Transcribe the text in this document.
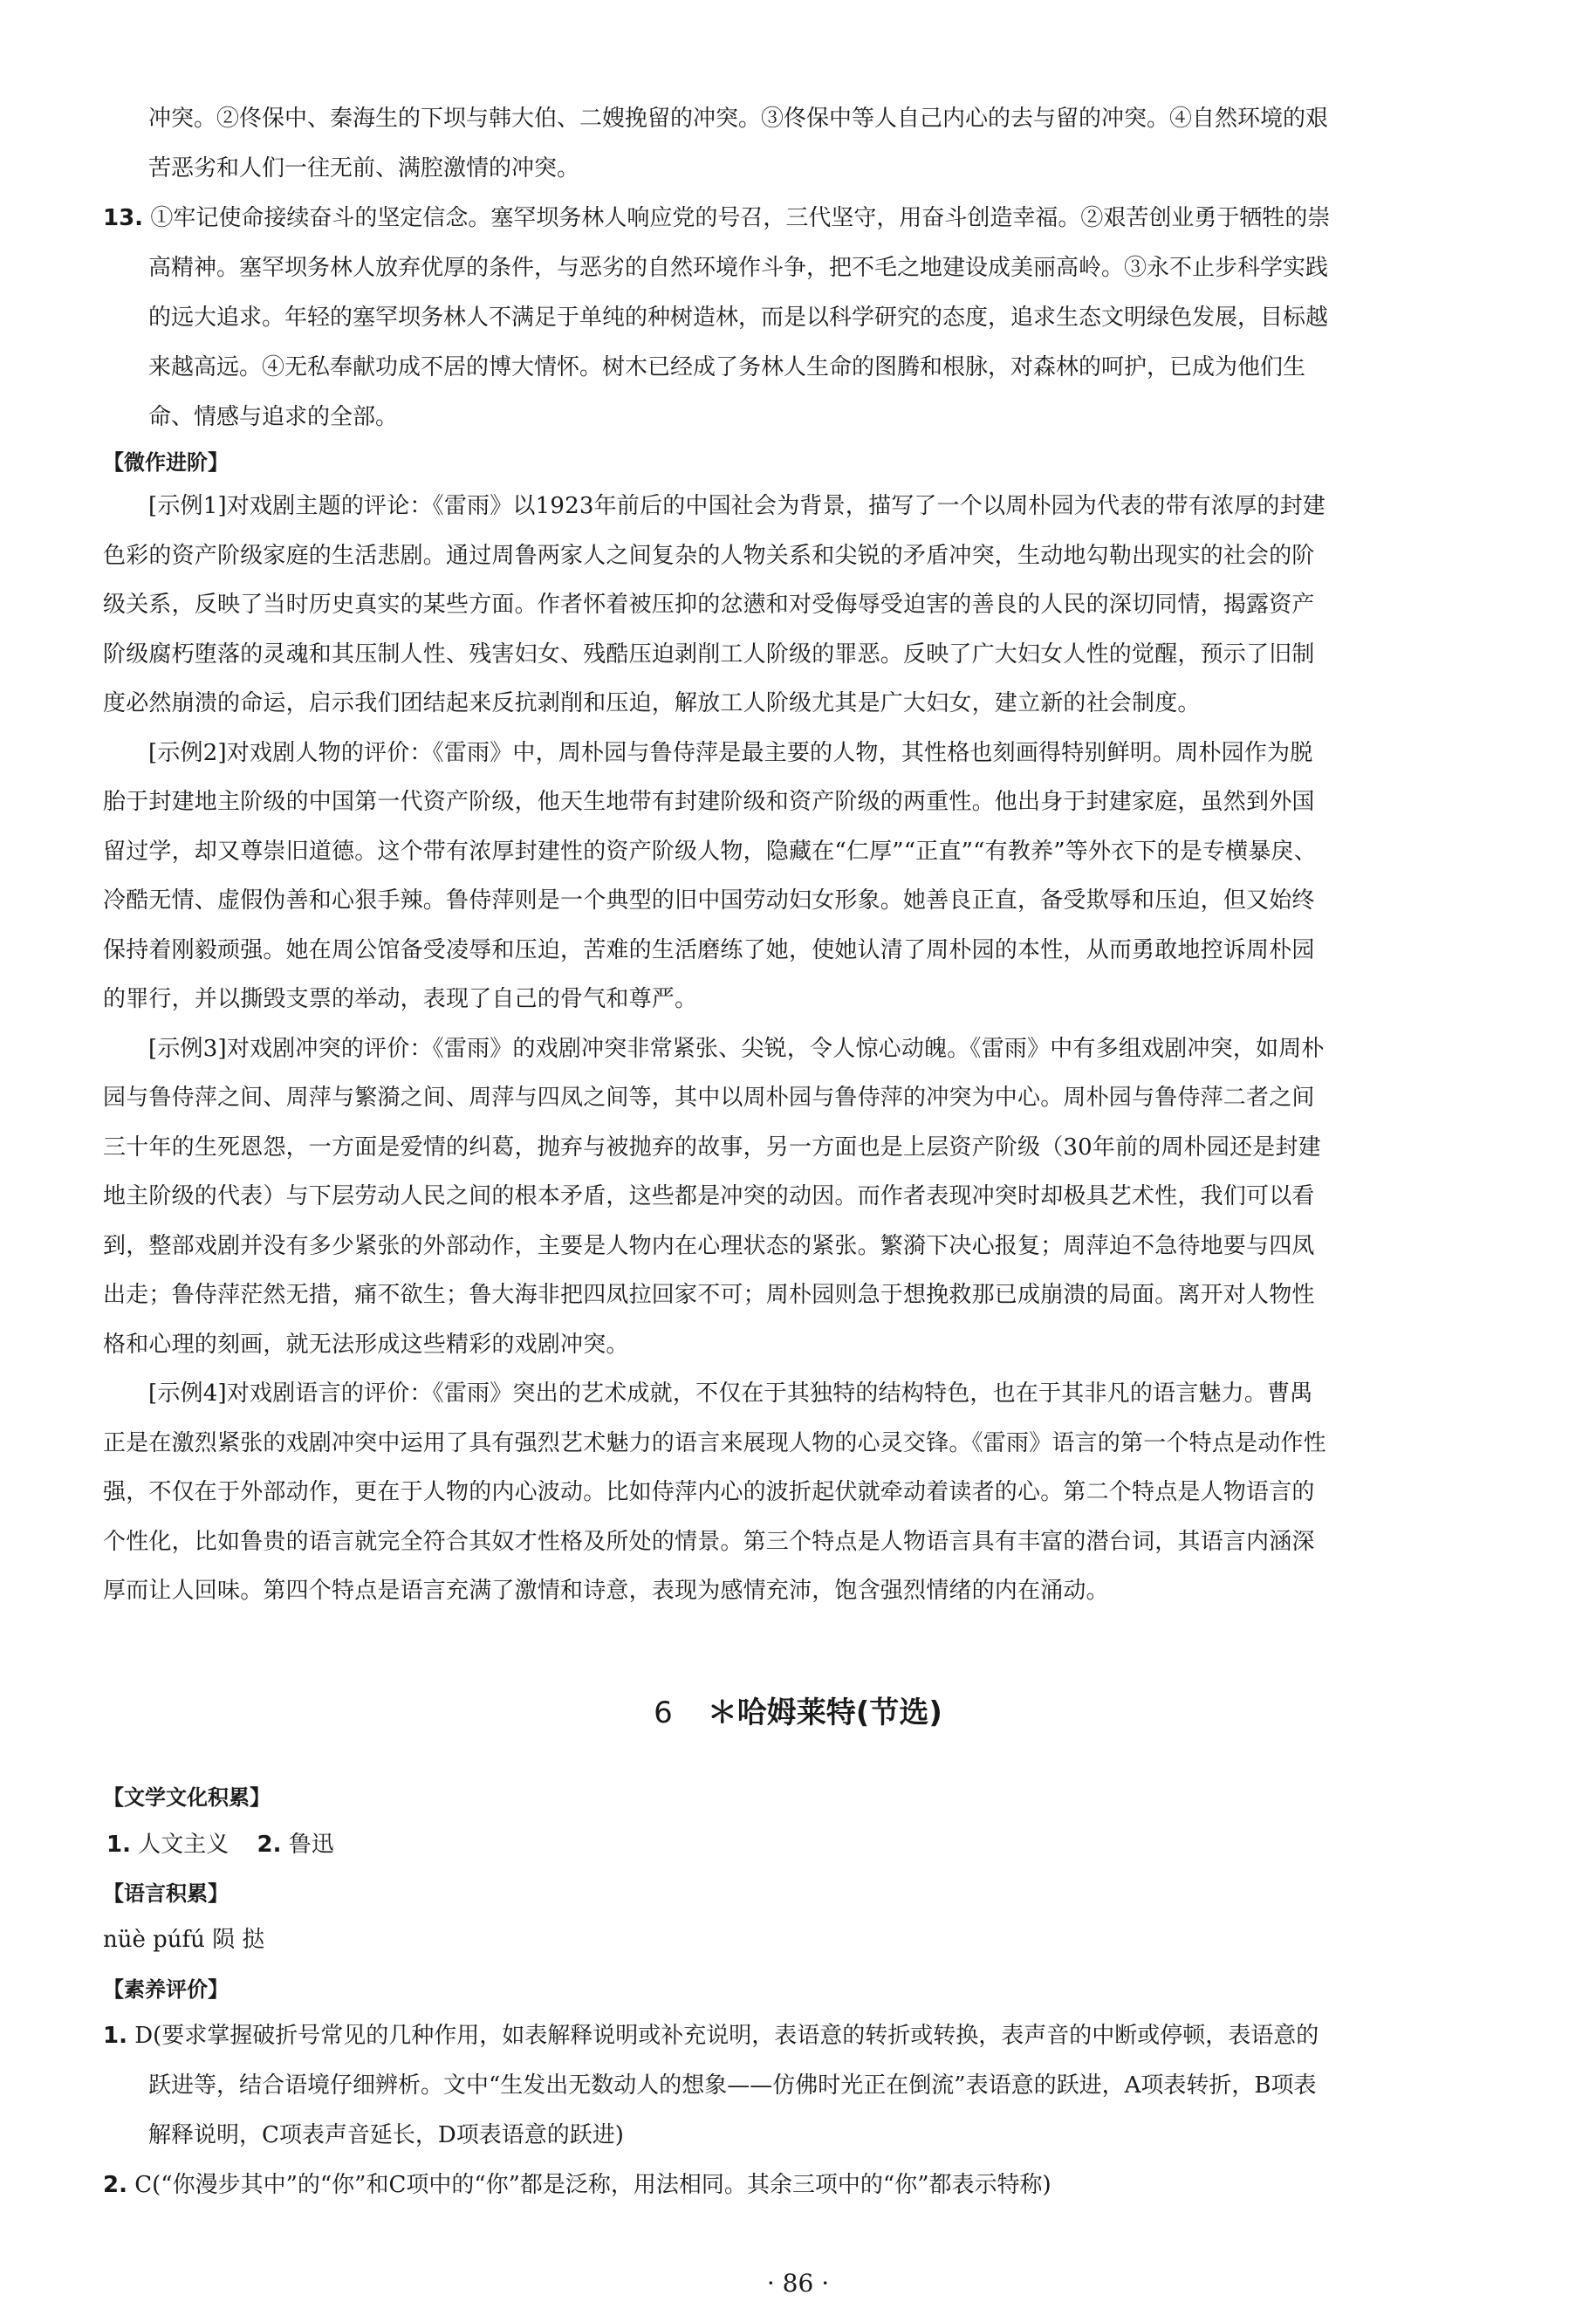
冲突。②佟保中、秦海生的下坝与韩大伯、二嫂挽留的冲突。③佟保中等人自己内心的去与留的冲突。④自然环境的艰苦恶劣和人们一往无前、满腔激情的冲突。

13. ①牢记使命接续奋斗的坚定信念。塞罕坝务林人响应党的号召，三代坚守，用奋斗创造幸福。②艰苦创业勇于牺牲的崇高精神。塞罕坝务林人放弃优厚的条件，与恶劣的自然环境作斗争，把不毛之地建设成美丽高岭。③永不止步科学实践的远大追求。年轻的塞罕坝务林人不满足于单纯的种树造林，而是以科学研究的态度，追求生态文明绿色发展，目标越来越高远。④无私奉献功成不居的博大情怀。树木已经成了务林人生命的图腾和根脉，对森林的呵护，已成为他们生命、情感与追求的全部。

【微作进阶】

[示例1]对戏剧主题的评论：《雷雨》以1923年前后的中国社会为背景，描写了一个以周朴园为代表的带有浓厚的封建色彩的资产阶级家庭的生活悲剧。通过周鲁两家人之间复杂的人物关系和尖锐的矛盾冲突，生动地勾勒出现实的社会的阶级关系，反映了当时历史真实的某些方面。作者怀着被压抑的忿懑和对受侮辱受迫害的善良的人民的深切同情，揭露资产阶级腐朽堕落的灵魂和其压制人性、残害妇女、残酷压迫剥削工人阶级的罪恶。反映了广大妇女人性的觉醒，预示了旧制度必然崩溃的命运，启示我们团结起来反抗剥削和压迫，解放工人阶级尤其是广大妇女，建立新的社会制度。

[示例2]对戏剧人物的评价：《雷雨》中，周朴园与鲁侍萍是最主要的人物，其性格也刻画得特别鲜明。周朴园作为脱胎于封建地主阶级的中国第一代资产阶级，他天生地带有封建阶级和资产阶级的两重性。他出身于封建家庭，虽然到外国留过学，却又尊崇旧道德。这个带有浓厚封建性的资产阶级人物，隐藏在“仁厚”“正直”“有教养”等外衣下的是专横暴戾、冷酷无情、虚假伪善和心狠手辣。鲁侍萍则是一个典型的旧中国劳动妇女形象。她善良正直，备受欺辱和压迫，但又始终保持着刚毅顽强。她在周公馆备受凌辱和压迫，苦难的生活磨练了她，使她认清了周朴园的本性，从而勇敢地控诉周朴园的罪行，并以撕毁支票的举动，表现了自己的骨气和尊严。

[示例3]对戏剧冲突的评价：《雷雨》的戏剧冲突非常紧张、尖锐，令人惊心动魄。《雷雨》中有多组戏剧冲突，如周朴园与鲁侍萍之间、周萍与繁漪之间、周萍与四凤之间等，其中以周朴园与鲁侍萍的冲突为中心。周朴园与鲁侍萍二者之间三十年的生死恩怨，一方面是爱情的纠葛，抛弃与被抛弃的故事，另一方面也是上层资产阶级（30年前的周朴园还是封建地主阶级的代表）与下层劳动人民之间的根本矛盾，这些都是冲突的动因。而作者表现冲突时却极具艺术性，我们可以看到，整部戏剧并没有多少紧张的外部动作，主要是人物内在心理状态的紧张。繁漪下决心报复；周萍迫不急待地要与四凤出走；鲁侍萍茫然无措，痛不欲生；鲁大海非把四凤拉回家不可；周朴园则急于想挽救那已成崩溃的局面。离开对人物性格和心理的刻画，就无法形成这些精彩的戏剧冲突。

[示例4]对戏剧语言的评价：《雷雨》突出的艺术成就，不仅在于其独特的结构特色，也在于其非凡的语言魅力。曹禺正是在激烈紧张的戏剧冲突中运用了具有强烈艺术魅力的语言来展现人物的心灵交锋。《雷雨》语言的第一个特点是动作性强，不仅在于外部动作，更在于人物的内心波动。比如侍萍内心的波折起伏就牵动着读者的心。第二个特点是人物语言的个性化，比如鲁贵的语言就完全符合其奴才性格及所处的情景。第三个特点是人物语言具有丰富的潜台词，其语言内涵深厚而让人回味。第四个特点是语言充满了激情和诗意，表现为感情充沛，饱含强烈情绪的内在涌动。

6 ＊哈姆莱特(节选)
【文学文化积累】
1. 人文主义 2. 鲁迅
【语言积累】
nüè púfú 陨 挞
【素养评价】

1. D(要求掌握破折号常见的几种作用，如表解释说明或补充说明，表语意的转折或转换，表声音的中断或停顿，表语意的跃进等，结合语境仔细辨析。文中“生发出无数动人的想象——仿佛时光正在倒流”表语意的跃进，A项表转折，B项表解释说明，C项表声音延长，D项表语意的跃进)

2. C(“你漫步其中”的“你”和C项中的“你”都是泛称，用法相同。其余三项中的“你”都表示特称)

· 86 ·
